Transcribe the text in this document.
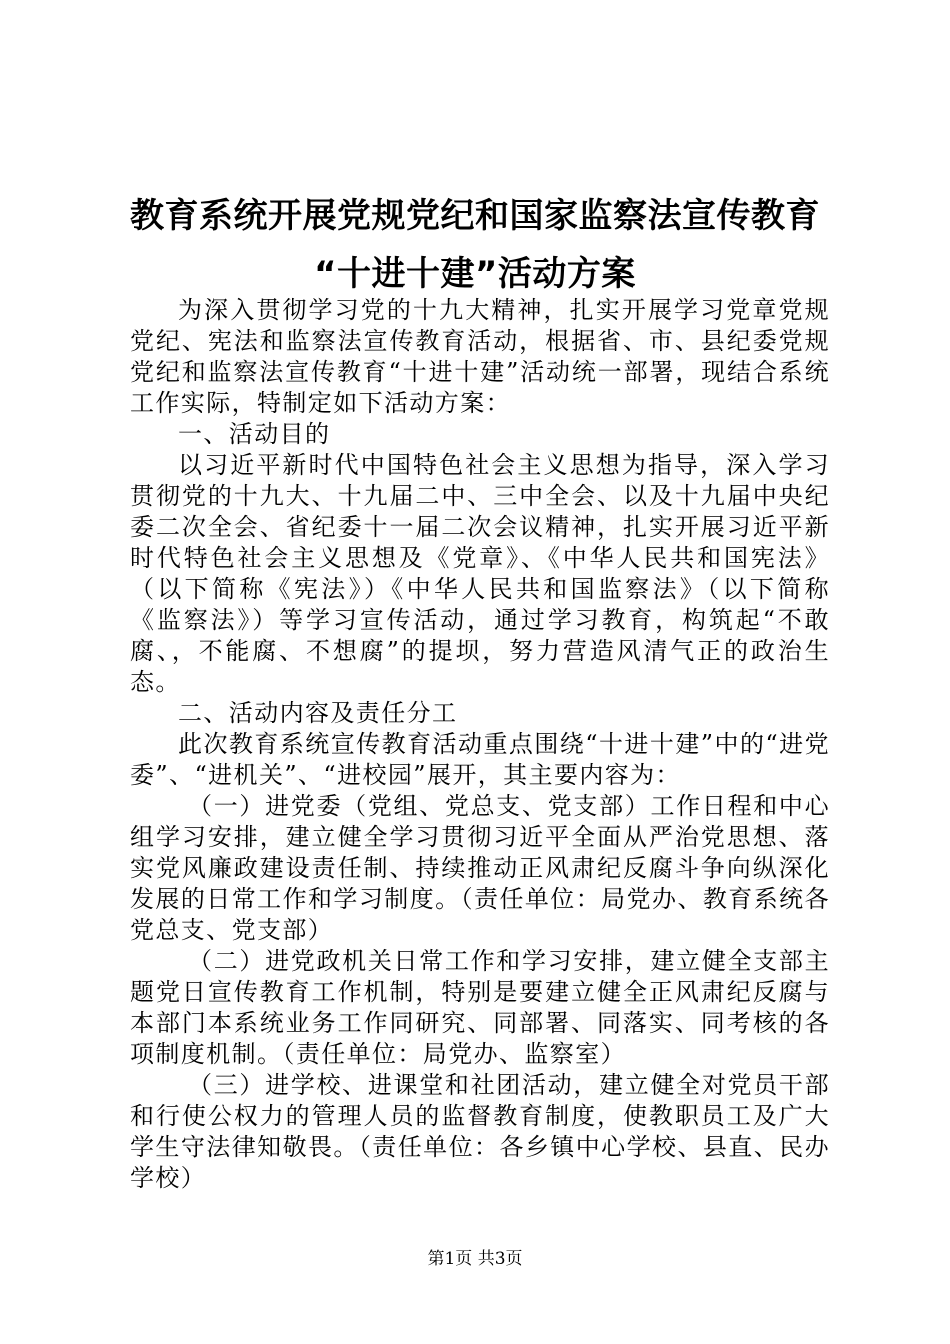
教育系统开展党规党纪和国家监察法宣传教育
“十进十建”活动方案

为深入贯彻学习党的十九大精神，扎实开展学习党章党规党纪、宪法和监察法宣传教育活动，根据省、市、县纪委党规党纪和监察法宣传教育“十进十建”活动统一部署，现结合系统工作实际，特制定如下活动方案：

一、活动目的

以习近平新时代中国特色社会主义思想为指导，深入学习贯彻党的十九大、十九届二中、三中全会、以及十九届中央纪委二次全会、省纪委十一届二次会议精神，扎实开展习近平新时代特色社会主义思想及《党章》、《中华人民共和国宪法》（以下简称《宪法》）《中华人民共和国监察法》（以下简称《监察法》）等学习宣传活动，通过学习教育，构筑起“不敢腐、，不能腐、不想腐”的提坝，努力营造风清气正的政治生态。

二、活动内容及责任分工

此次教育系统宣传教育活动重点围绕“十进十建”中的“进党委”、“进机关”、“进校园”展开，其主要内容为：

（一）进党委（党组、党总支、党支部）工作日程和中心组学习安排，建立健全学习贯彻习近平全面从严治党思想、落实党风廉政建设责任制、持续推动正风肃纪反腐斗争向纵深化发展的日常工作和学习制度。（责任单位：局党办、教育系统各党总支、党支部）

（二）进党政机关日常工作和学习安排，建立健全支部主题党日宣传教育工作机制，特别是要建立健全正风肃纪反腐与本部门本系统业务工作同研究、同部署、同落实、同考核的各项制度机制。（责任单位：局党办、监察室）

（三）进学校、进课堂和社团活动，建立健全对党员干部和行使公权力的管理人员的监督教育制度，使教职员工及广大学生守法律知敬畏。（责任单位：各乡镇中心学校、县直、民办学校）

第1页 共3页
